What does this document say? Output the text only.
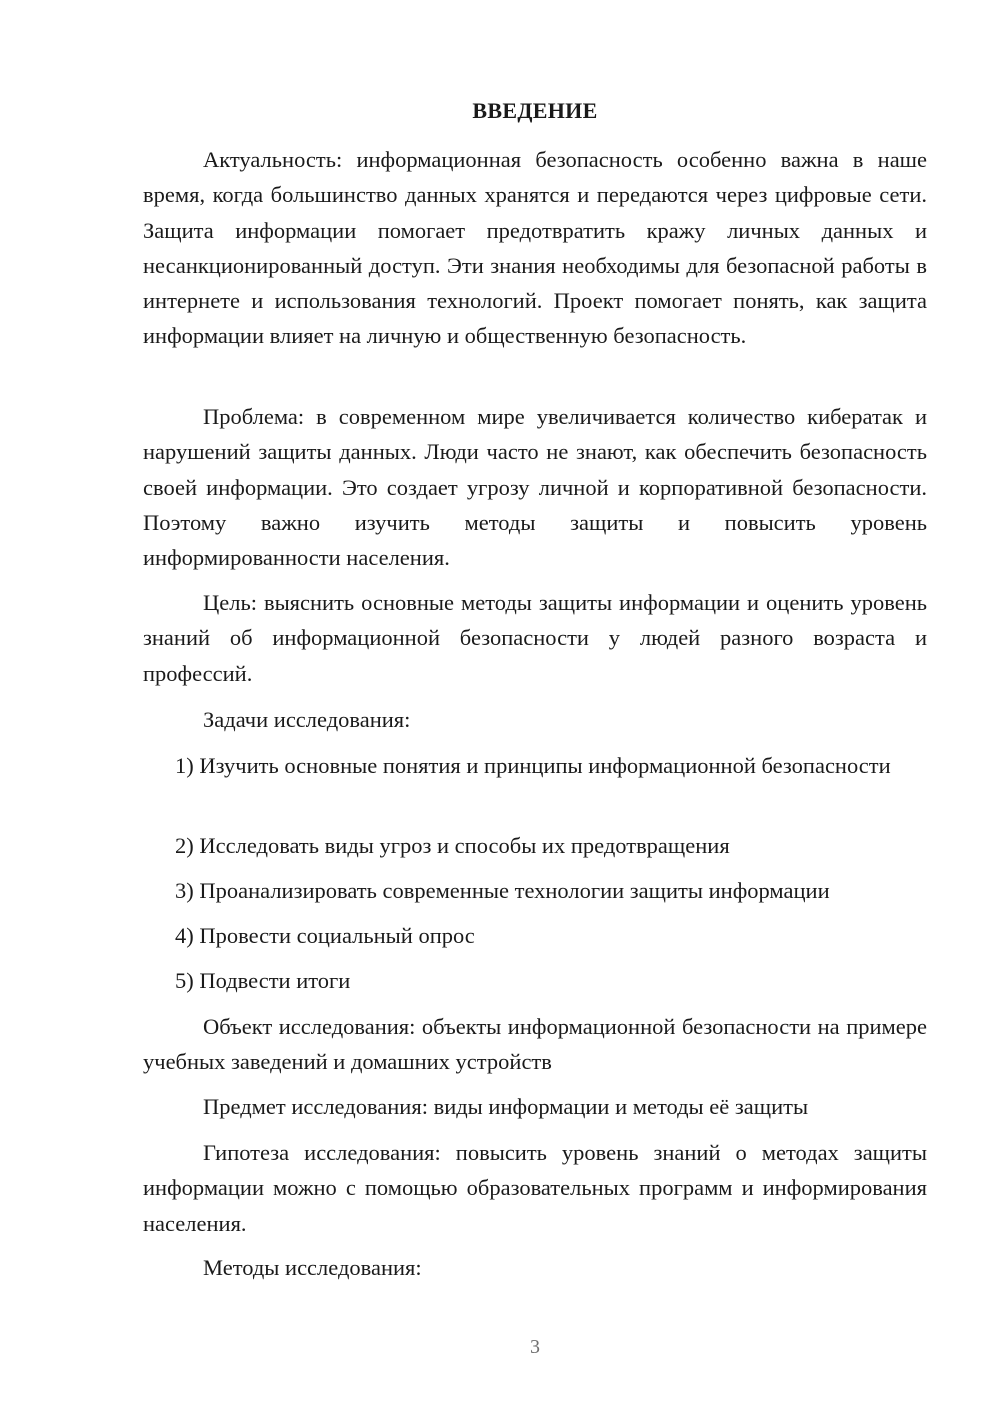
ВВЕДЕНИЕ

Актуальность: информационная безопасность особенно важна в наше время, когда большинство данных хранятся и передаются через цифровые сети. Защита информации помогает предотвратить кражу личных данных и несанкционированный доступ. Эти знания необходимы для безопасной работы в интернете и использования технологий. Проект помогает понять, как защита информации влияет на личную и общественную безопасность.

Проблема: в современном мире увеличивается количество кибератак и нарушений защиты данных. Люди часто не знают, как обеспечить безопасность своей информации. Это создает угрозу личной и корпоративной безопасности. Поэтому важно изучить методы защиты и повысить уровень информированности населения.

Цель: выяснить основные методы защиты информации и оценить уровень знаний об информационной безопасности у людей разного возраста и профессий.

Задачи исследования:

1) Изучить основные понятия и принципы информационной безопасности

2) Исследовать виды угроз и способы их предотвращения

3) Проанализировать современные технологии защиты информации

4) Провести социальный опрос

5) Подвести итоги

Объект исследования: объекты информационной безопасности на примере учебных заведений и домашних устройств

Предмет исследования: виды информации и методы её защиты

Гипотеза исследования: повысить уровень знаний о методах защиты информации можно с помощью образовательных программ и информирования населения.

Методы исследования:

3
